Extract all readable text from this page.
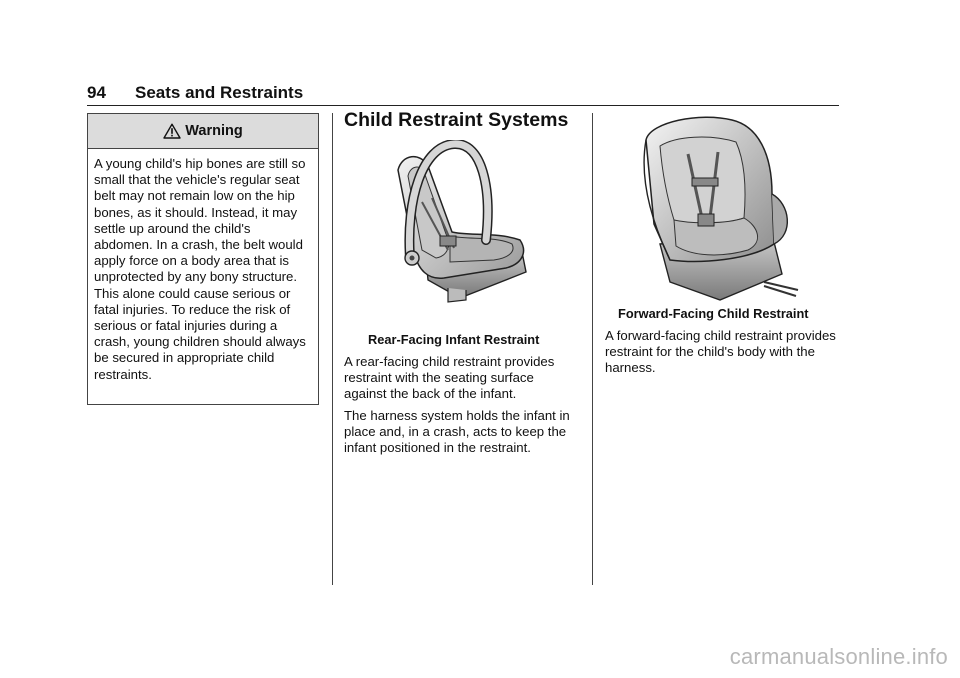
94 Seats and Restraints
Warning
A young child's hip bones are still so small that the vehicle's regular seat belt may not remain low on the hip bones, as it should. Instead, it may settle up around the child's abdomen. In a crash, the belt would apply force on a body area that is unprotected by any bony structure. This alone could cause serious or fatal injuries. To reduce the risk of serious or fatal injuries during a crash, young children should always be secured in appropriate child restraints.
Child Restraint Systems
Rear-Facing Infant Restraint
A rear-facing child restraint provides restraint with the seating surface against the back of the infant.
The harness system holds the infant in place and, in a crash, acts to keep the infant positioned in the restraint.
Forward-Facing Child Restraint
A forward-facing child restraint provides restraint for the child's body with the harness.
carmanualsonline.info
